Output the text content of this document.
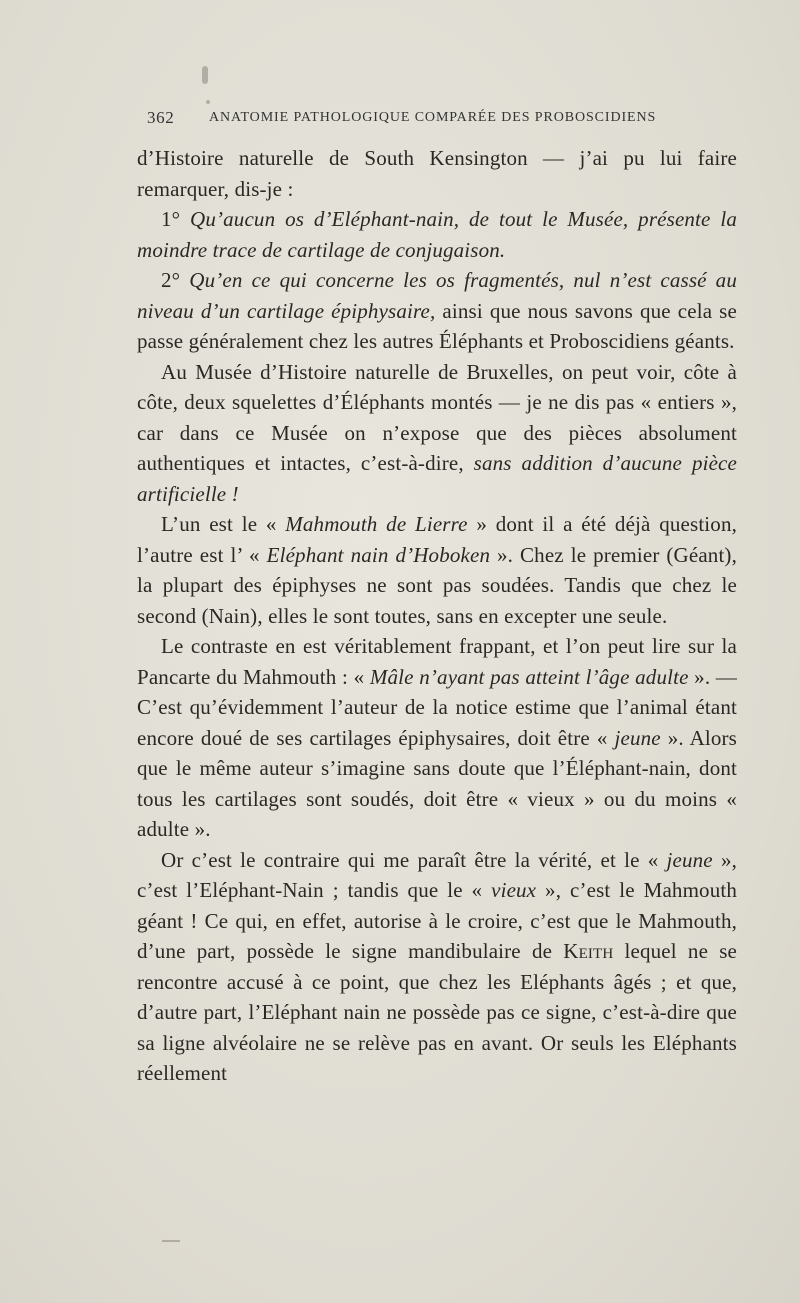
362 ANATOMIE PATHOLOGIQUE COMPARÉE DES PROBOSCIDIENS

d’Histoire naturelle de South Kensington — j’ai pu lui faire remarquer, dis-je :

1° Qu’aucun os d’Eléphant-nain, de tout le Musée, présente la moindre trace de cartilage de conjugaison.

2° Qu’en ce qui concerne les os fragmentés, nul n’est cassé au niveau d’un cartilage épiphysaire, ainsi que nous savons que cela se passe généralement chez les autres Éléphants et Proboscidiens géants.

Au Musée d’Histoire naturelle de Bruxelles, on peut voir, côte à côte, deux squelettes d’Éléphants montés — je ne dis pas « entiers », car dans ce Musée on n’expose que des pièces absolument authentiques et intactes, c’est-à-dire, sans addition d’aucune pièce artificielle !

L’un est le « Mahmouth de Lierre » dont il a été déjà question, l’autre est l’ « Eléphant nain d’Hoboken ». Chez le premier (Géant), la plupart des épiphyses ne sont pas soudées. Tandis que chez le second (Nain), elles le sont toutes, sans en excepter une seule.

Le contraste en est véritablement frappant, et l’on peut lire sur la Pancarte du Mahmouth : « Mâle n’ayant pas atteint l’âge adulte ». — C’est qu’évidemment l’auteur de la notice estime que l’animal étant encore doué de ses cartilages épiphysaires, doit être « jeune ». Alors que le même auteur s’imagine sans doute que l’Éléphant-nain, dont tous les cartilages sont soudés, doit être « vieux » ou du moins « adulte ».

Or c’est le contraire qui me paraît être la vérité, et le « jeune », c’est l’Eléphant-Nain ; tandis que le « vieux », c’est le Mahmouth géant ! Ce qui, en effet, autorise à le croire, c’est que le Mahmouth, d’une part, possède le signe mandibulaire de Keith lequel ne se rencontre accusé à ce point, que chez les Eléphants âgés ; et que, d’autre part, l’Eléphant nain ne possède pas ce signe, c’est-à-dire que sa ligne alvéolaire ne se relève pas en avant. Or seuls les Eléphants réellement
